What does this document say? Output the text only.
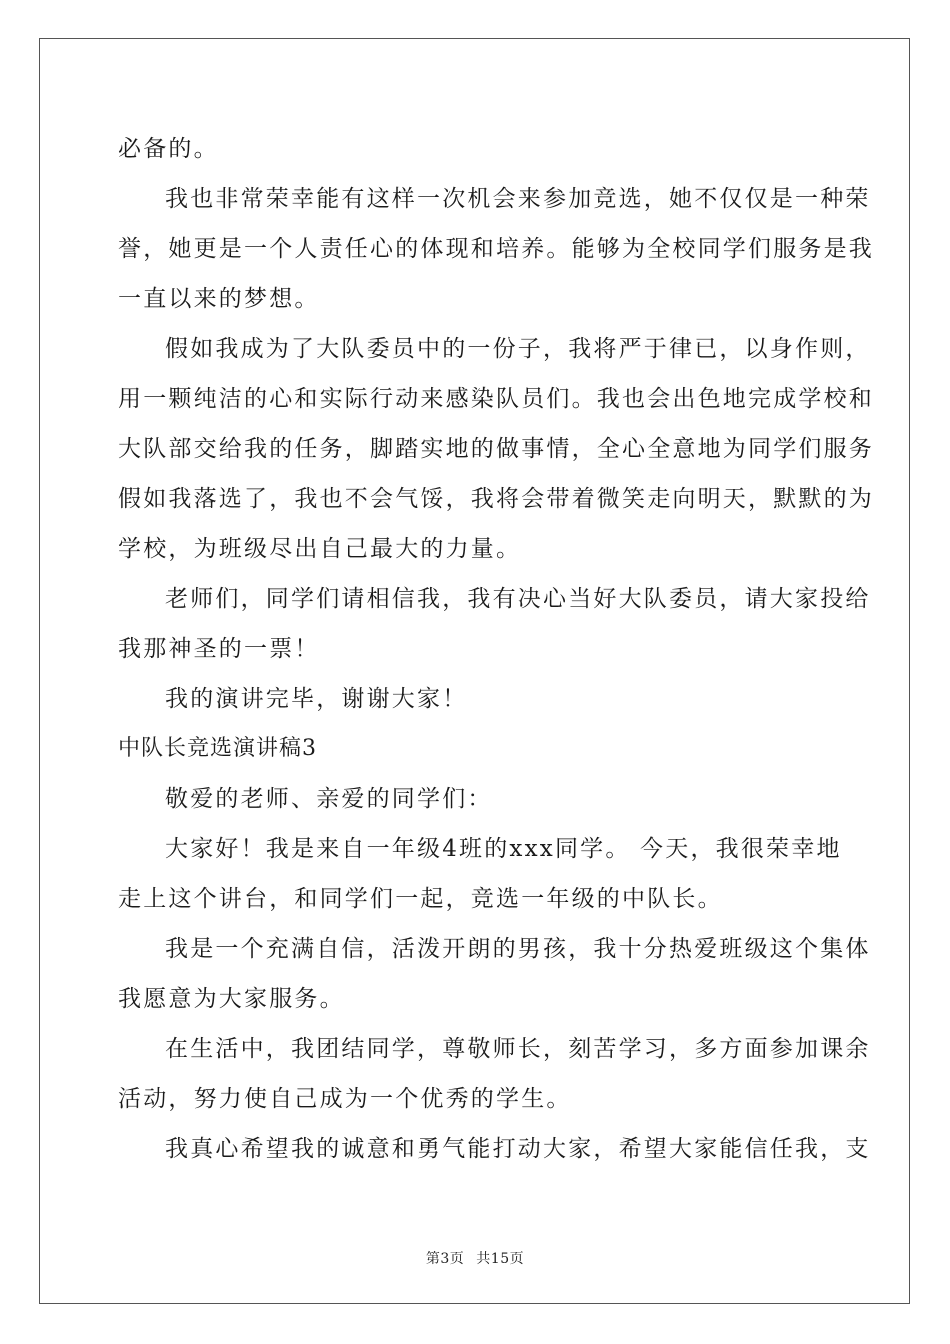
必备的。
我也非常荣幸能有这样一次机会来参加竞选，她不仅仅是一种荣
誉，她更是一个人责任心的体现和培养。能够为全校同学们服务是我
一直以来的梦想。
假如我成为了大队委员中的一份子，我将严于律已，以身作则，
用一颗纯洁的心和实际行动来感染队员们。我也会出色地完成学校和
大队部交给我的任务，脚踏实地的做事情，全心全意地为同学们服务
假如我落选了，我也不会气馁，我将会带着微笑走向明天，默默的为
学校，为班级尽出自己最大的力量。
老师们，同学们请相信我，我有决心当好大队委员，请大家投给
我那神圣的一票！
我的演讲完毕，谢谢大家！
中队长竞选演讲稿3
敬爱的老师、亲爱的同学们：
大家好！我是来自一年级4班的xxx同学。 今天，我很荣幸地
走上这个讲台，和同学们一起，竞选一年级的中队长。
我是一个充满自信，活泼开朗的男孩，我十分热爱班级这个集体
我愿意为大家服务。
在生活中，我团结同学，尊敬师长，刻苦学习，多方面参加课余
活动，努力使自己成为一个优秀的学生。
我真心希望我的诚意和勇气能打动大家，希望大家能信任我，支
第3页 共15页
